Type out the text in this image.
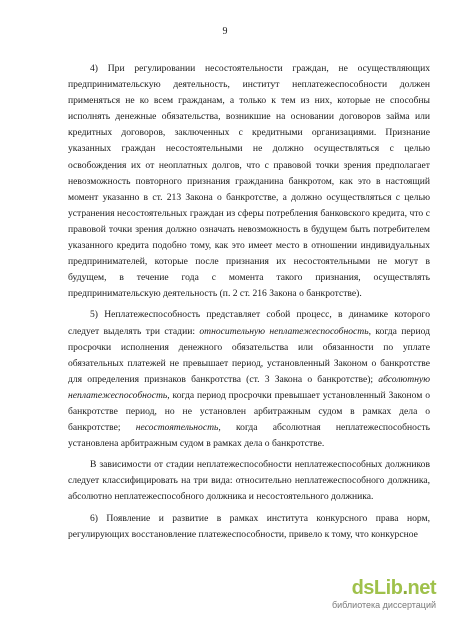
9

4) При регулировании несостоятельности граждан, не осуществляющих предпринимательскую деятельность, институт неплатежеспособности должен применяться не ко всем гражданам, а только к тем из них, которые не способны исполнять денежные обязательства, возникшие на основании договоров займа или кредитных договоров, заключенных с кредитными организациями. Признание указанных граждан несостоятельными не должно осуществляться с целью освобождения их от неоплатных долгов, что с правовой точки зрения предполагает невозможность повторного признания гражданина банкротом, как это в настоящий момент указанно в ст. 213 Закона о банкротстве, а должно осуществляться с целью устранения несостоятельных граждан из сферы потребления банковского кредита, что с правовой точки зрения должно означать невозможность в будущем быть потребителем указанного кредита подобно тому, как это имеет место в отношении индивидуальных предпринимателей, которые после признания их несостоятельными не могут в будущем, в течение года с момента такого признания, осуществлять предпринимательскую деятельность (п. 2 ст. 216 Закона о банкротстве).

5) Неплатежеспособность представляет собой процесс, в динамике которого следует выделять три стадии: относительную неплатежеспособность, когда период просрочки исполнения денежного обязательства или обязанности по уплате обязательных платежей не превышает период, установленный Законом о банкротстве для определения признаков банкротства (ст. 3 Закона о банкротстве); абсолютную неплатежеспособность, когда период просрочки превышает установленный Законом о банкротстве период, но не установлен арбитражным судом в рамках дела о банкротстве; несостоятельность, когда абсолютная неплатежеспособность установлена арбитражным судом в рамках дела о банкротстве.

В зависимости от стадии неплатежеспособности неплатежеспособных должников следует классифицировать на три вида: относительно неплатежеспособного должника, абсолютно неплатежеспособного должника и несостоятельного должника.

6) Появление и развитие в рамках института конкурсного права норм, регулирующих восстановление платежеспособности, привело к тому, что конкурсное

dsLib.net
библиотека диссертаций
